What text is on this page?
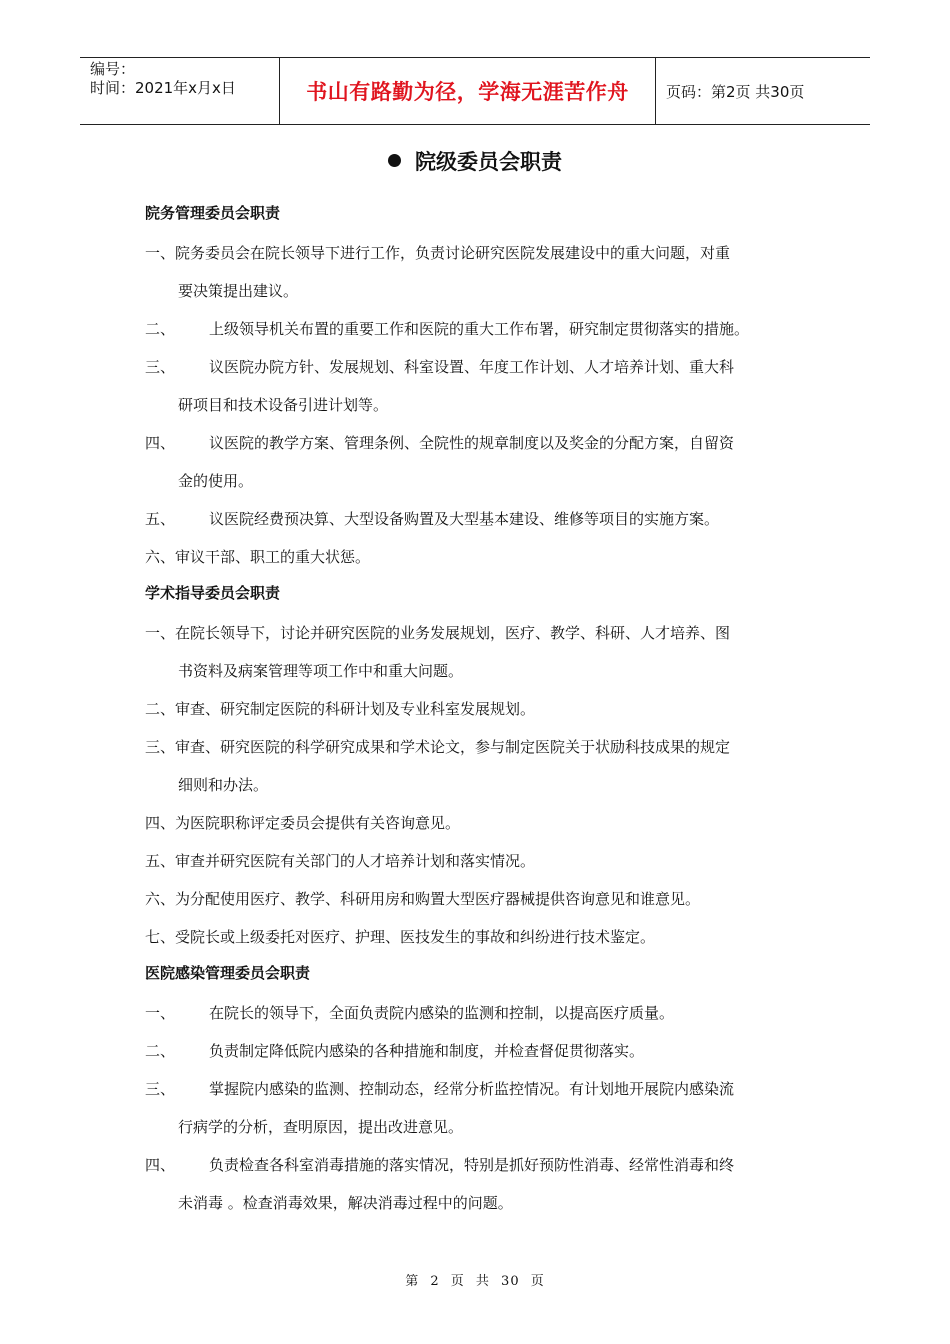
编号：
时间：2021年x月x日	书山有路勤为径，学海无涯苦作舟	页码：第2页 共30页
院级委员会职责
院务管理委员会职责
一、院务委员会在院长领导下进行工作，负责讨论研究医院发展建设中的重大问题，对重
要决策提出建议。
二、 上级领导机关布置的重要工作和医院的重大工作布署，研究制定贯彻落实的措施。
三、 议医院办院方针、发展规划、科室设置、年度工作计划、人才培养计划、重大科
研项目和技术设备引进计划等。
四、 议医院的教学方案、管理条例、全院性的规章制度以及奖金的分配方案，自留资
金的使用。
五、 议医院经费预决算、大型设备购置及大型基本建设、维修等项目的实施方案。
六、审议干部、职工的重大状惩。
学术指导委员会职责
一、在院长领导下，讨论并研究医院的业务发展规划，医疗、教学、科研、人才培养、图
书资料及病案管理等项工作中和重大问题。
二、审查、研究制定医院的科研计划及专业科室发展规划。
三、审查、研究医院的科学研究成果和学术论文，参与制定医院关于状励科技成果的规定
细则和办法。
四、为医院职称评定委员会提供有关咨询意见。
五、审查并研究医院有关部门的人才培养计划和落实情况。
六、为分配使用医疗、教学、科研用房和购置大型医疗器械提供咨询意见和谁意见。
七、受院长或上级委托对医疗、护理、医技发生的事故和纠纷进行技术鉴定。
医院感染管理委员会职责
一、 在院长的领导下，全面负责院内感染的监测和控制，以提高医疗质量。
二、 负责制定降低院内感染的各种措施和制度，并检查督促贯彻落实。
三、 掌握院内感染的监测、控制动态，经常分析监控情况。有计划地开展院内感染流
行病学的分析，查明原因，提出改进意见。
四、 负责检查各科室消毒措施的落实情况，特别是抓好预防性消毒、经常性消毒和终
未消毒 。检查消毒效果，解决消毒过程中的问题。
第 2 页 共 30 页
